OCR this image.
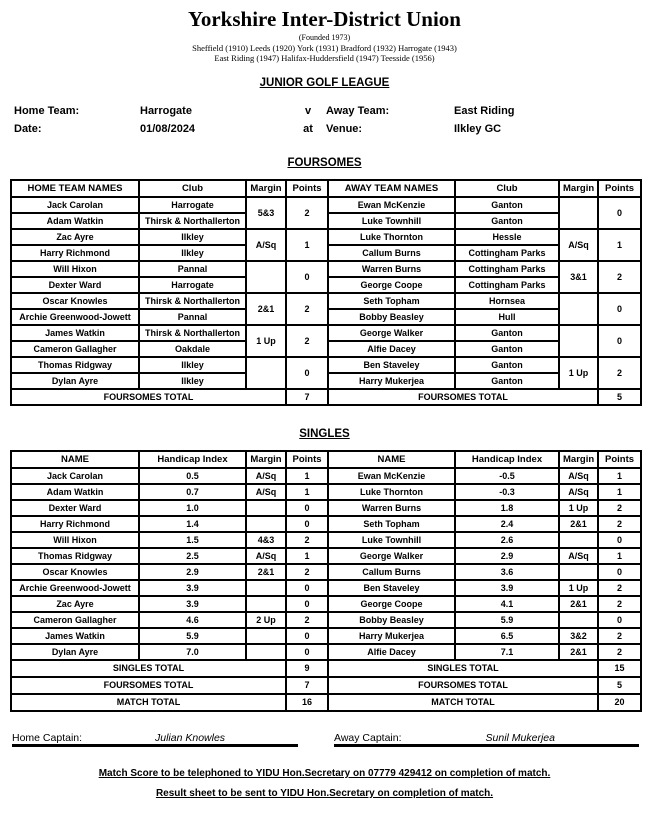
Yorkshire Inter-District Union
(Founded 1973)
Sheffield (1910) Leeds (1920) York (1931) Bradford (1932) Harrogate (1943)
East Riding (1947) Halifax-Huddersfield (1947) Teesside (1956)
JUNIOR GOLF LEAGUE
Home Team:	Harrogate	v	Away Team:	East Riding
Date:	01/08/2024	at	Venue:	Ilkley GC
FOURSOMES
HOME TEAM NAMES	Club	Margin	Points	AWAY TEAM NAMES	Club	Margin	Points
Jack Carolan	Harrogate	5&3	2	Ewan McKenzie	Ganton		0
Adam Watkin	Thirsk & Northallerton			Luke Townhill	Ganton		
Zac Ayre	Ilkley	A/Sq	1	Luke Thornton	Hessle	A/Sq	1
Harry Richmond	Ilkley			Callum Burns	Cottingham Parks		
Will Hixon	Pannal		0	Warren Burns	Cottingham Parks	3&1	2
Dexter Ward	Harrogate			George Coope	Cottingham Parks		
Oscar Knowles	Thirsk & Northallerton	2&1	2	Seth Topham	Hornsea		0
Archie Greenwood-Jowett	Pannal			Bobby Beasley	Hull		
James Watkin	Thirsk & Northallerton	1 Up	2	George Walker	Ganton		0
Cameron Gallagher	Oakdale			Alfie Dacey	Ganton		
Thomas Ridgway	Ilkley		0	Ben Staveley	Ganton	1 Up	2
Dylan Ayre	Ilkley			Harry Mukerjea	Ganton		
FOURSOMES TOTAL			7	FOURSOMES TOTAL			5
SINGLES
NAME	Handicap Index	Margin	Points	NAME	Handicap Index	Margin	Points
Jack Carolan	0.5	A/Sq	1	Ewan McKenzie	-0.5	A/Sq	1
Adam Watkin	0.7	A/Sq	1	Luke Thornton	-0.3	A/Sq	1
Dexter Ward	1.0		0	Warren Burns	1.8	1 Up	2
Harry Richmond	1.4		0	Seth Topham	2.4	2&1	2
Will Hixon	1.5	4&3	2	Luke Townhill	2.6		0
Thomas Ridgway	2.5	A/Sq	1	George Walker	2.9	A/Sq	1
Oscar Knowles	2.9	2&1	2	Callum Burns	3.6		0
Archie Greenwood-Jowett	3.9		0	Ben Staveley	3.9	1 Up	2
Zac Ayre	3.9		0	George Coope	4.1	2&1	2
Cameron Gallagher	4.6	2 Up	2	Bobby Beasley	5.9		0
James Watkin	5.9		0	Harry Mukerjea	6.5	3&2	2
Dylan Ayre	7.0		0	Alfie Dacey	7.1	2&1	2
SINGLES TOTAL			9	SINGLES TOTAL			15
FOURSOMES TOTAL			7	FOURSOMES TOTAL			5
MATCH TOTAL			16	MATCH TOTAL			20
Home Captain:	Julian Knowles	Away Captain:	Sunil Mukerjea
Match Score to be telephoned to YIDU Hon.Secretary on 07779 429412 on completion of match.
Result sheet to be sent to YIDU Hon.Secretary on completion of match.
